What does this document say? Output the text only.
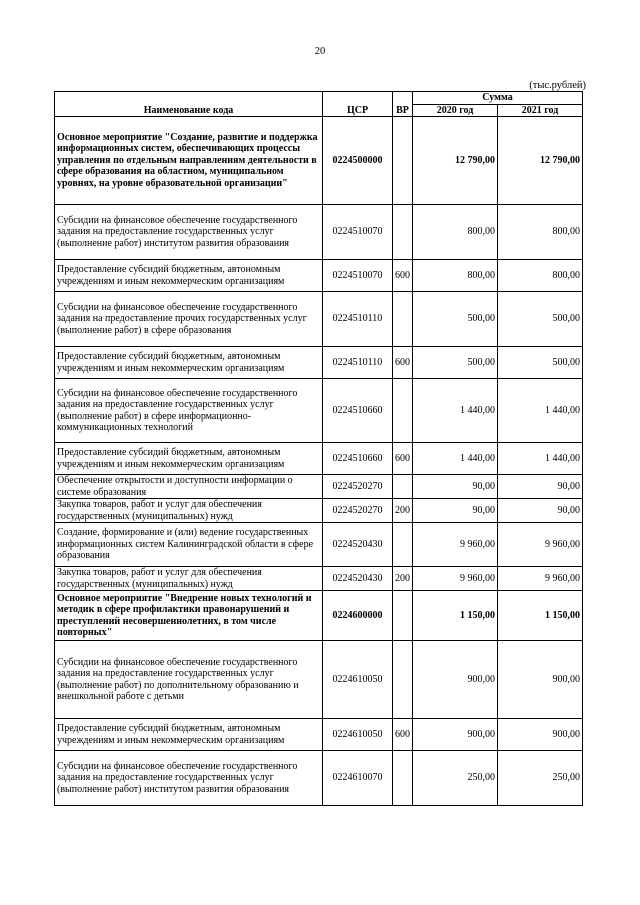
20
(тыс.рублей)
Наименование кода	ЦСР	ВР	Сумма	
			2020 год	2021 год
Основное мероприятие "Создание, развитие и поддержка информационных систем, обеспечивающих процессы управления по отдельным направлениям деятельности в сфере образования на областном, муниципальном уровнях, на уровне образовательной организации"	0224500000		12 790,00	12 790,00
Субсидии на финансовое обеспечение государственного задания на предоставление государственных услуг (выполнение работ) институтом развития образования	0224510070		800,00	800,00
Предоставление субсидий бюджетным, автономным учреждениям и иным некоммерческим организациям	0224510070	600	800,00	800,00
Субсидии на финансовое обеспечение государственного задания на предоставление прочих государственных услуг (выполнение работ) в сфере образования	0224510110		500,00	500,00
Предоставление субсидий бюджетным, автономным учреждениям и иным некоммерческим организациям	0224510110	600	500,00	500,00
Субсидии на финансовое обеспечение государственного задания на предоставление государственных услуг (выполнение работ) в сфере информационно-коммуникационных технологий	0224510660		1 440,00	1 440,00
Предоставление субсидий бюджетным, автономным учреждениям и иным некоммерческим организациям	0224510660	600	1 440,00	1 440,00
Обеспечение открытости и доступности информации о системе образования	0224520270		90,00	90,00
Закупка товаров, работ и услуг для обеспечения государственных (муниципальных) нужд	0224520270	200	90,00	90,00
Создание, формирование и (или) ведение государственных информационных систем Калининградской области в сфере образования	0224520430		9 960,00	9 960,00
Закупка товаров, работ и услуг для обеспечения государственных (муниципальных) нужд	0224520430	200	9 960,00	9 960,00
Основное мероприятие "Внедрение новых технологий и методик в сфере профилактики правонарушений и преступлений несовершеннолетних, в том числе повторных"	0224600000		1 150,00	1 150,00
Субсидии на финансовое обеспечение государственного задания на предоставление государственных услуг (выполнение работ) по дополнительному образованию и внешкольной работе с детьми	0224610050		900,00	900,00
Предоставление субсидий бюджетным, автономным учреждениям и иным некоммерческим организациям	0224610050	600	900,00	900,00
Субсидии на финансовое обеспечение государственного задания на предоставление государственных услуг (выполнение работ) институтом развития образования	0224610070		250,00	250,00
